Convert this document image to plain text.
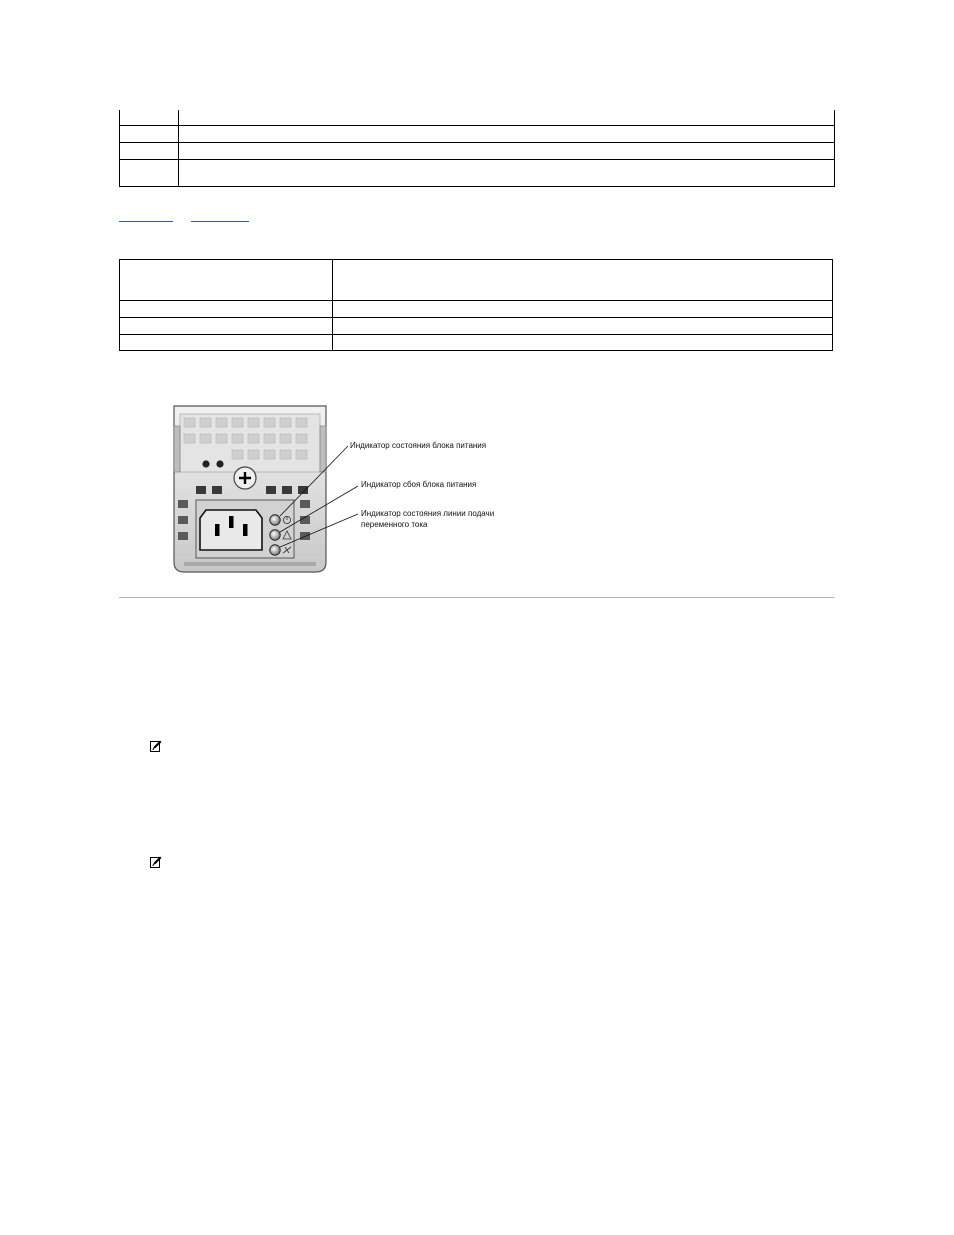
Индикатор состояния блока питания
Индикатор сбоя блока питания
Индикатор состояния линии подачи
переменного тока
